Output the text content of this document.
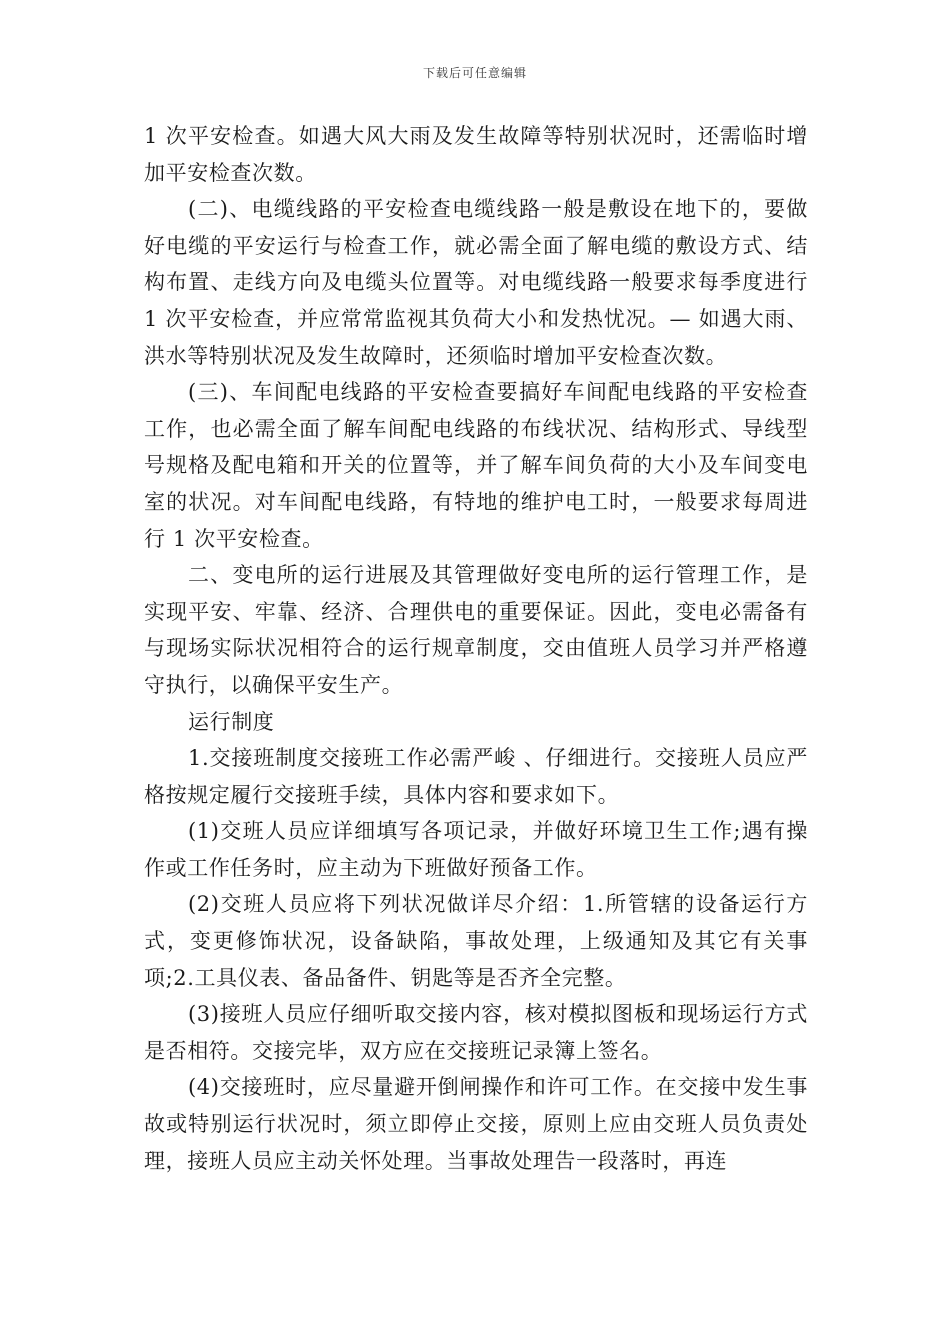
下载后可任意编辑

1 次平安检查。如遇大风大雨及发生故障等特别状况时，还需临时增加平安检查次数。

(二)、电缆线路的平安检查电缆线路一般是敷设在地下的，要做好电缆的平安运行与检查工作，就必需全面了解电缆的敷设方式、结构布置、走线方向及电缆头位置等。对电缆线路一般要求每季度进行 1 次平安检查，并应常常监视其负荷大小和发热忧况。— 如遇大雨、洪水等特别状况及发生故障时，还须临时增加平安检查次数。

(三)、车间配电线路的平安检查要搞好车间配电线路的平安检查工作，也必需全面了解车间配电线路的布线状况、结构形式、导线型号规格及配电箱和开关的位置等，并了解车间负荷的大小及车间变电室的状况。对车间配电线路，有特地的维护电工时，一般要求每周进行 1 次平安检查。

二、变电所的运行进展及其管理做好变电所的运行管理工作，是实现平安、牢靠、经济、合理供电的重要保证。因此，变电必需备有与现场实际状况相符合的运行规章制度，交由值班人员学习并严格遵守执行，以确保平安生产。

运行制度

1.交接班制度交接班工作必需严峻 、仔细进行。交接班人员应严格按规定履行交接班手续，具体内容和要求如下。

(1)交班人员应详细填写各项记录，并做好环境卫生工作;遇有操作或工作任务时，应主动为下班做好预备工作。

(2)交班人员应将下列状况做详尽介绍：1.所管辖的设备运行方式，变更修饰状况，设备缺陷，事故处理，上级通知及其它有关事项;2.工具仪表、备品备件、钥匙等是否齐全完整。

(3)接班人员应仔细听取交接内容，核对模拟图板和现场运行方式是否相符。交接完毕，双方应在交接班记录簿上签名。

(4)交接班时，应尽量避开倒闸操作和许可工作。在交接中发生事故或特别运行状况时，须立即停止交接，原则上应由交班人员负责处理，接班人员应主动关怀处理。当事故处理告一段落时，再连
